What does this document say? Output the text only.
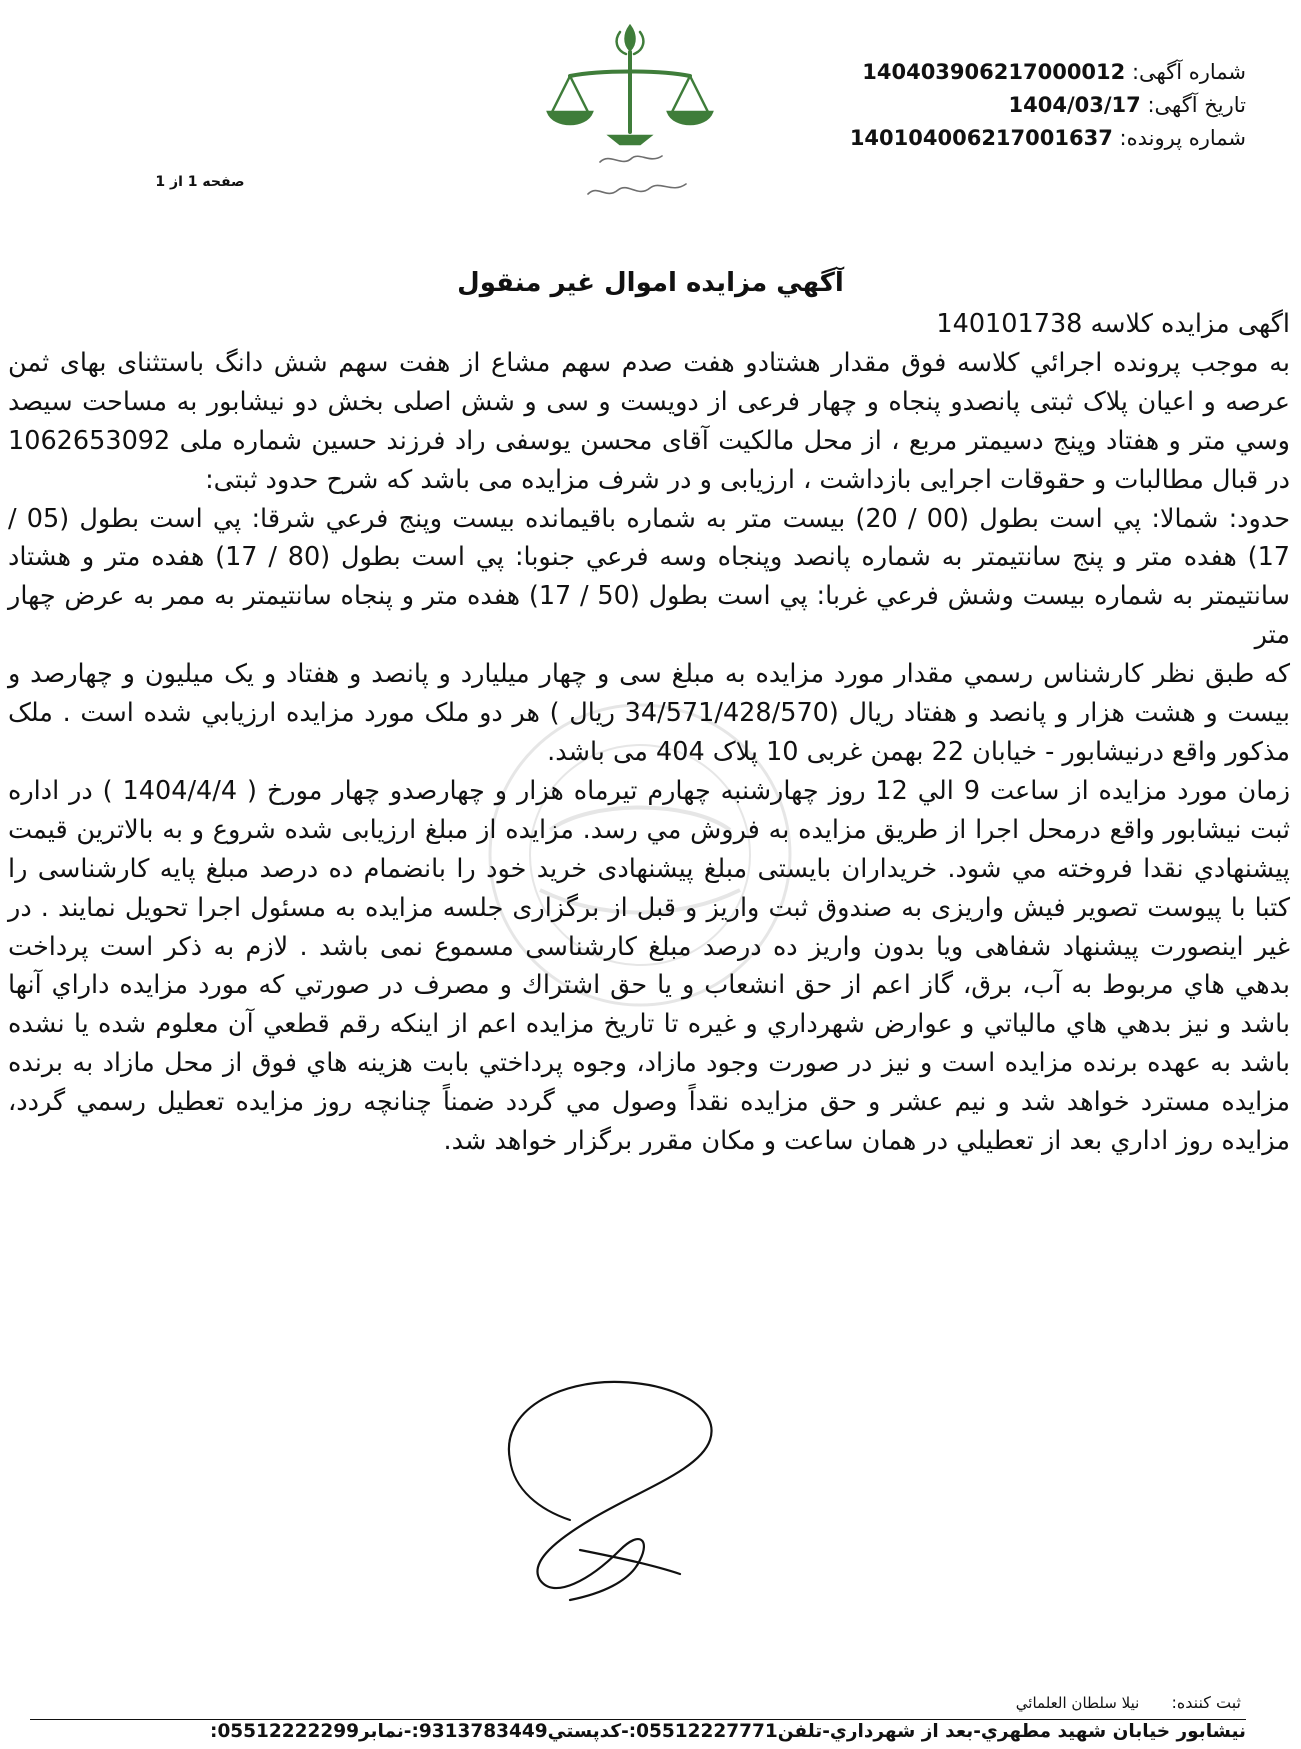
شماره آگهی: 14040390621700001​2
تاریخ آگهی: 1404/03/17
شماره پرونده: 140104006217001637
صفحه 1 از 1
آگهي مزايده اموال غير منقول

اگهی مزایده کلاسه 140101738

به موجب پرونده اجرائي کلاسه فوق مقدار هشتادو هفت صدم سهم مشاع از هفت سهم شش دانگ باستثنای بهای ثمن عرصه و اعیان پلاک ثبتی پانصدو پنجاه و چهار فرعی از دویست و سی و شش اصلی بخش دو نیشابور به مساحت سیصد وسي متر و هفتاد وپنج دسيمتر مربع ، از محل مالکیت آقای محسن یوسفی راد فرزند حسین شماره ملی 1062653092 در قبال مطالبات و حقوقات اجرایی بازداشت ، ارزیابی و در شرف مزایده می باشد که شرح حدود ثبتی:

حدود: شمالا: پي است بطول (00 / 20) بيست متر به شماره باقيمانده بيست وپنج فرعي شرقا: پي است بطول (05 / 17) هفده متر و پنج سانتيمتر به شماره پانصد وپنجاه وسه فرعي جنوبا: پي است بطول (80 / 17) هفده متر و هشتاد سانتيمتر به شماره بيست وشش فرعي غربا: پي است بطول (50 / 17) هفده متر و پنجاه سانتيمتر به ممر به عرض چهار متر

که طبق نظر کارشناس رسمي مقدار مورد مزايده به مبلغ سی و چهار ميليارد و پانصد و هفتاد و يک ميليون و چهارصد و بيست و هشت هزار و پانصد و هفتاد ريال (34/571/428/570 ريال ) هر دو ملک مورد مزايده ارزيابي شده است . ملک مذکور واقع درنیشابور - خیابان 22 بهمن غربی 10 پلاک 404 می باشد.

زمان مورد مزايده از ساعت 9 الي 12 روز چهارشنبه چهارم تیرماه هزار و چهارصدو چهار مورخ ( 1404/4/4 ) در اداره ثبت نیشابور واقع درمحل اجرا از طريق مزايده به فروش مي رسد. مزايده از مبلغ ارزيابی شده شروع و به بالاترين قيمت پيشنهادي نقدا فروخته مي شود. خريداران بايستی مبلغ پيشنهادی خريد خود را بانضمام ده درصد مبلغ پايه کارشناسی را کتبا با پيوست تصوير فيش واريزی به صندوق ثبت واريز و قبل از برگزاری جلسه مزايده به مسئول اجرا تحويل نمايند . در غير اينصورت پيشنهاد شفاهی ويا بدون واريز ده درصد مبلغ کارشناسی مسموع نمی باشد . لازم به ذکر است پرداخت بدهي هاي مربوط به آب، برق، گاز اعم از حق انشعاب و يا حق اشتراك و مصرف در صورتي كه مورد مزايده داراي آنها باشد و نيز بدهي هاي مالياتي و عوارض شهرداري و غيره تا تاريخ مزايده اعم از اينكه رقم قطعي آن معلوم شده يا نشده باشد به عهده برنده مزايده است و نيز در صورت وجود مازاد، وجوه پرداختي بابت هزينه هاي فوق از محل مازاد به برنده مزايده مسترد خواهد شد و نيم عشر و حق مزايده نقداً وصول مي گردد ضمناً چنانچه روز مزايده تعطيل رسمي گردد، مزايده روز اداري بعد از تعطيلي در همان ساعت و مكان مقرر برگزار خواهد شد.

ثبت کننده:  نیلا سلطان العلمائي
نیشابور خیابان شهید مطهري-بعد از شهرداري-تلفن05512227771:-کدپستي9313783449:-نمابر05512222299:
